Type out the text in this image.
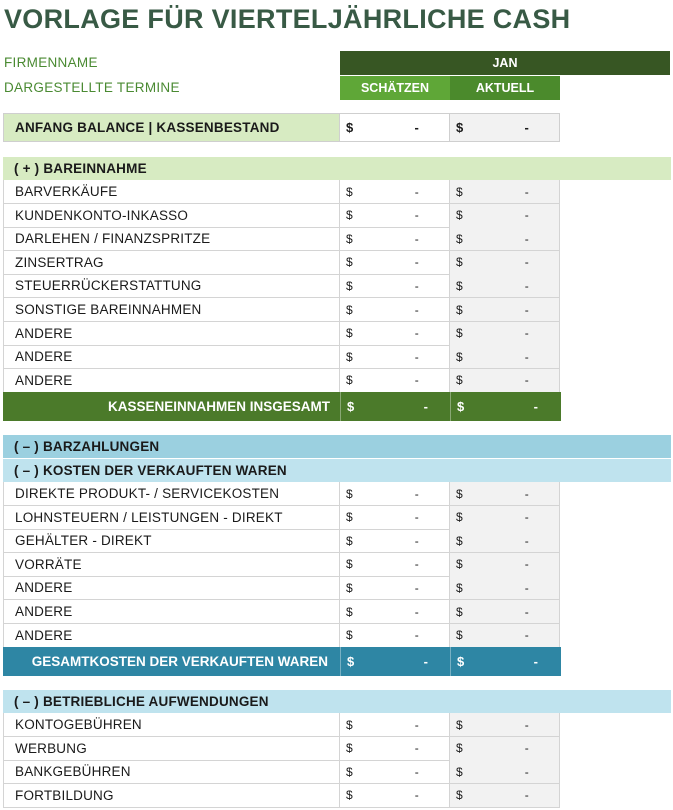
VORLAGE FÜR VIERTELJÄHRLICHE CASH
FIRMENNAME
DARGESTELLTE TERMINE
JAN
SCHÄTZEN	AKTUELL
ANFANG BALANCE | KASSENBESTAND	$	-	$	-
( + ) BAREINNAHME
BARVERKÄUFE	$	-	$	-
KUNDENKONTO-INKASSO	$	-	$	-
DARLEHEN / FINANZSPRITZE	$	-	$	-
ZINSERTRAG	$	-	$	-
STEUERRÜCKERSTATTUNG	$	-	$	-
SONSTIGE BAREINNAHMEN	$	-	$	-
ANDERE	$	-	$	-
ANDERE	$	-	$	-
ANDERE	$	-	$	-
KASSENEINNAHMEN INSGESAMT	$	- $	-
( – ) BARZAHLUNGEN
( – ) KOSTEN DER VERKAUFTEN WAREN
DIREKTE PRODUKT- / SERVICEKOSTEN	$	-	$	-
LOHNSTEUERN / LEISTUNGEN - DIREKT	$	-	$	-
GEHÄLTER - DIREKT	$	-	$	-
VORRÄTE	$	-	$	-
ANDERE	$	-	$	-
ANDERE	$	-	$	-
ANDERE	$	-	$	-
GESAMTKOSTEN DER VERKAUFTEN WAREN	$	- $	-
( – ) BETRIEBLICHE AUFWENDUNGEN
KONTOGEBÜHREN	$	-	$	-
WERBUNG	$	-	$	-
BANKGEBÜHREN	$	-	$	-
FORTBILDUNG	$	-	$	-
